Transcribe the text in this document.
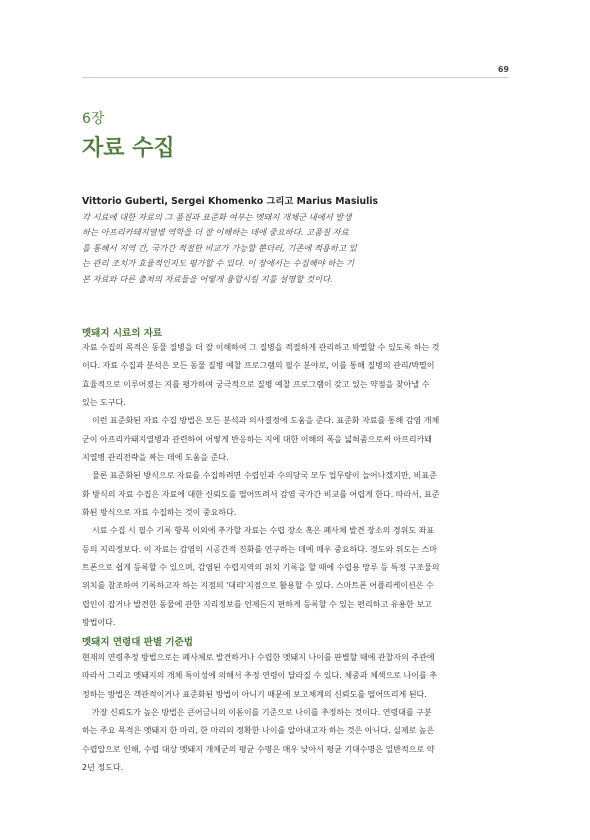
69
6장
자료 수집
Vittorio Guberti, Sergei Khomenko 그리고 Marius Masiulis
각 시료에 대한 자료의 그 품질과 표준화 여부는 멧돼지 개체군 내에서 발생
하는 아프리카돼지열병 역학을 더 잘 이해하는 데에 중요하다. 고품질 자료
를 통해서 지역 간, 국가간 적절한 비교가 가능할 뿐더러, 기존에 적용하고 있
는 관리 조치가 효율적인지도 평가할 수 있다. 이 장에서는 수집해야 하는 기
본 자료와 다른 출처의 자료들을 어떻게 융합시킬 지를 설명할 것이다.
멧돼지 시료의 자료
자료 수집의 목적은 동물 질병을 더 잘 이해하여 그 질병을 적절하게 관리하고 박멸할 수 있도록 하는 것
이다. 자료 수집과 분석은 모든 동물 질병 예찰 프로그램의 필수 분야로, 이를 통해 질병의 관리/박멸이
효율적으로 이루어졌는 지를 평가하여 궁극적으로 질병 예찰 프로그램이 갖고 있는 약점을 찾아낼 수
있는 도구다.
이런 표준화된 자료 수집 방법은 모든 분석과 의사결정에 도움을 준다. 표준화 자료를 통해 감염 개체
군이 아프리카돼지열병과 관련하여 어떻게 반응하는 지에 대한 이해의 폭을 넓혀줌으로써 아프리카돼
지열병 관리전략을 짜는 데에 도움을 준다.
물론 표준화된 방식으로 자료를 수집하려면 수렵인과 수의당국 모두 업무량이 늘어나겠지만, 비표준
화 방식의 자료 수집은 자료에 대한 신뢰도를 떨어뜨려서 감염 국가간 비교를 어렵게 한다. 따라서, 표준
화된 방식으로 자료 수집하는 것이 중요하다.
시료 수집 시 필수 기록 항목 이외에 추가할 자료는 수렵 장소 혹은 폐사체 발견 장소의 경위도 좌표
등의 지리정보다. 이 자료는 감염의 시공간적 진화를 연구하는 데에 매우 중요하다. 경도와 위도는 스마
트폰으로 쉽게 등록할 수 있으며, 감염된 수렵지역의 위치 기록을 할 때에 수렵용 망루 등 특정 구조물의
위치를 참조하여 기록하고자 하는 지점의 '대리'지점으로 활용할 수 있다. 스마트폰 어플리케이션은 수
렵인이 잡거나 발견한 동물에 관한 지리정보를 언제든지 편하게 등록할 수 있는 편리하고 유용한 보고
방법이다.
멧돼지 연령대 판별 기준법
현재의 연령추정 방법으로는 폐사체로 발견하거나 수렵한 멧돼지 나이를 판별할 때에 관찰자의 주관에
따라서 그리고 멧돼지의 개체 특이성에 의해서 추정 연령이 달라질 수 있다. 체중과 체색으로 나이를 추
정하는 방법은 객관적이거나 표준화된 방법이 아니기 때문에 보고체계의 신뢰도를 떨어뜨리게 된다.
가장 신뢰도가 높은 방법은 큰어금니의 이돋이를 기준으로 나이를 추정하는 것이다. 연령대를 구분
하는 주요 목적은 멧돼지 한 마리, 한 마리의 정확한 나이를 알아내고자 하는 것은 아니다. 실제로 높은
수렵압으로 인해, 수렵 대상 멧돼지 개체군의 평균 수명은 매우 낮아서 평균 기대수명은 일반적으로 약
2년 정도다.
